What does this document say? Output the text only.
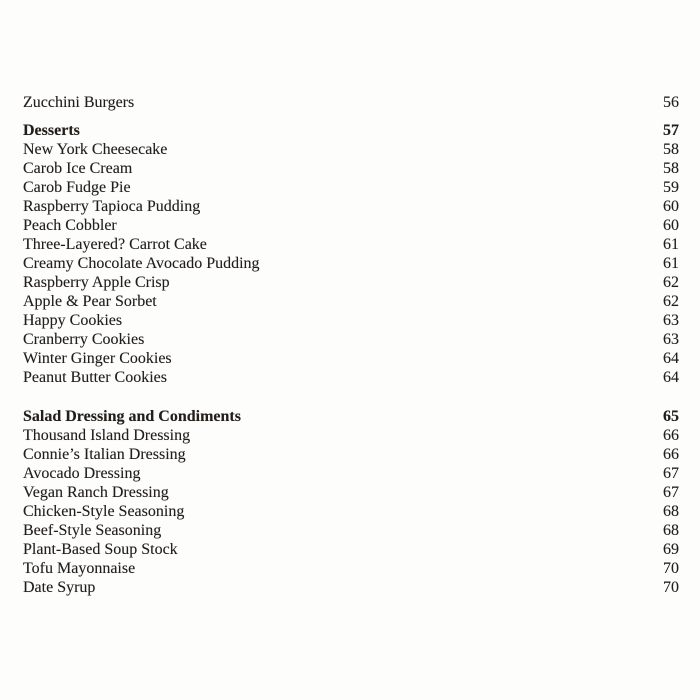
Zucchini Burgers	56
Desserts	57
New York Cheesecake	58
Carob Ice Cream	58
Carob Fudge Pie	59
Raspberry Tapioca Pudding	60
Peach Cobbler	60
Three-Layered? Carrot Cake	61
Creamy Chocolate Avocado Pudding	61
Raspberry Apple Crisp	62
Apple & Pear Sorbet	62
Happy Cookies	63
Cranberry Cookies	63
Winter Ginger Cookies	64
Peanut Butter Cookies	64
Salad Dressing and Condiments	65
Thousand Island Dressing	66
Connie’s Italian Dressing	66
Avocado Dressing	67
Vegan Ranch Dressing	67
Chicken-Style Seasoning	68
Beef-Style Seasoning	68
Plant-Based Soup Stock	69
Tofu Mayonnaise	70
Date Syrup	70
